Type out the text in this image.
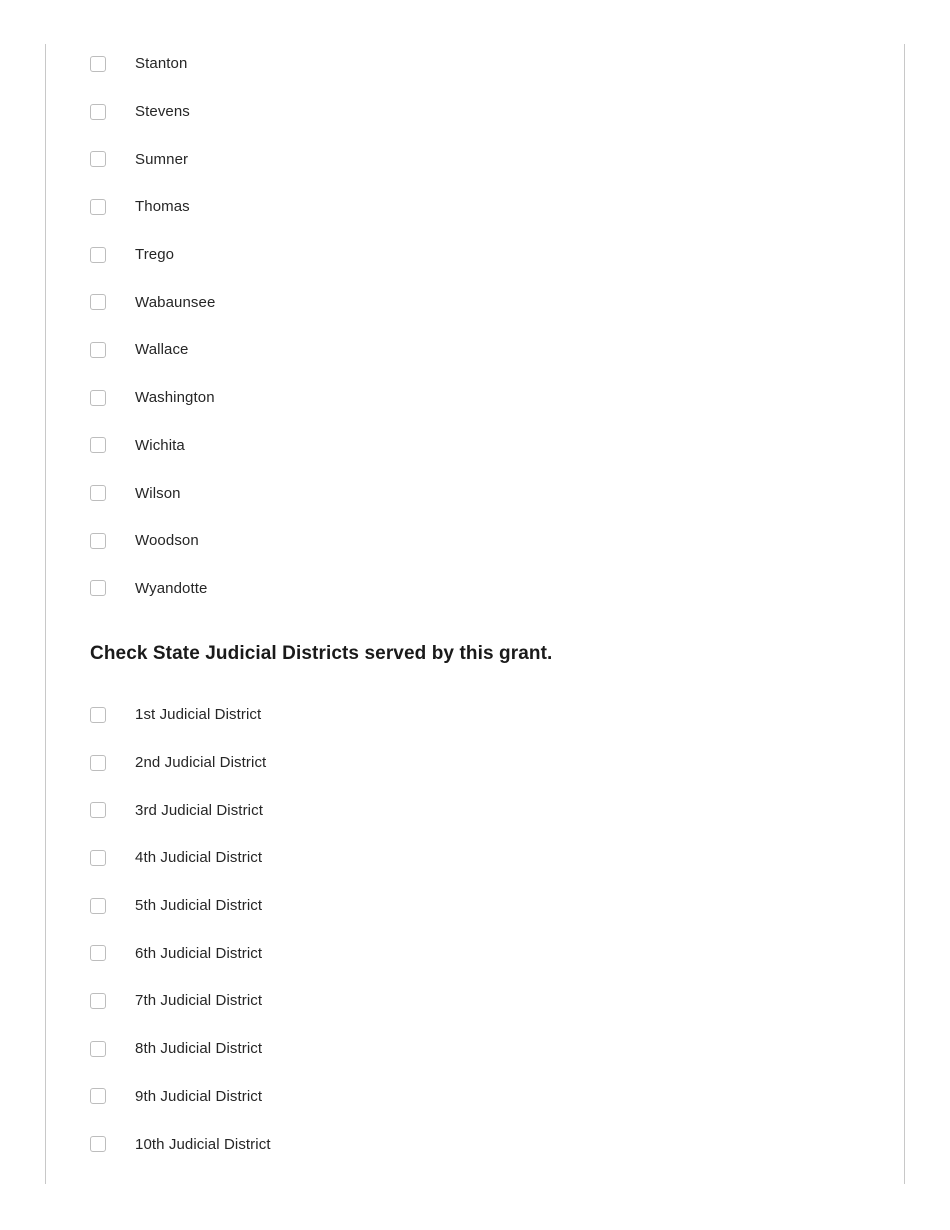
Stanton
Stevens
Sumner
Thomas
Trego
Wabaunsee
Wallace
Washington
Wichita
Wilson
Woodson
Wyandotte
Check State Judicial Districts served by this grant.
1st Judicial District
2nd Judicial District
3rd Judicial District
4th Judicial District
5th Judicial District
6th Judicial District
7th Judicial District
8th Judicial District
9th Judicial District
10th Judicial District
